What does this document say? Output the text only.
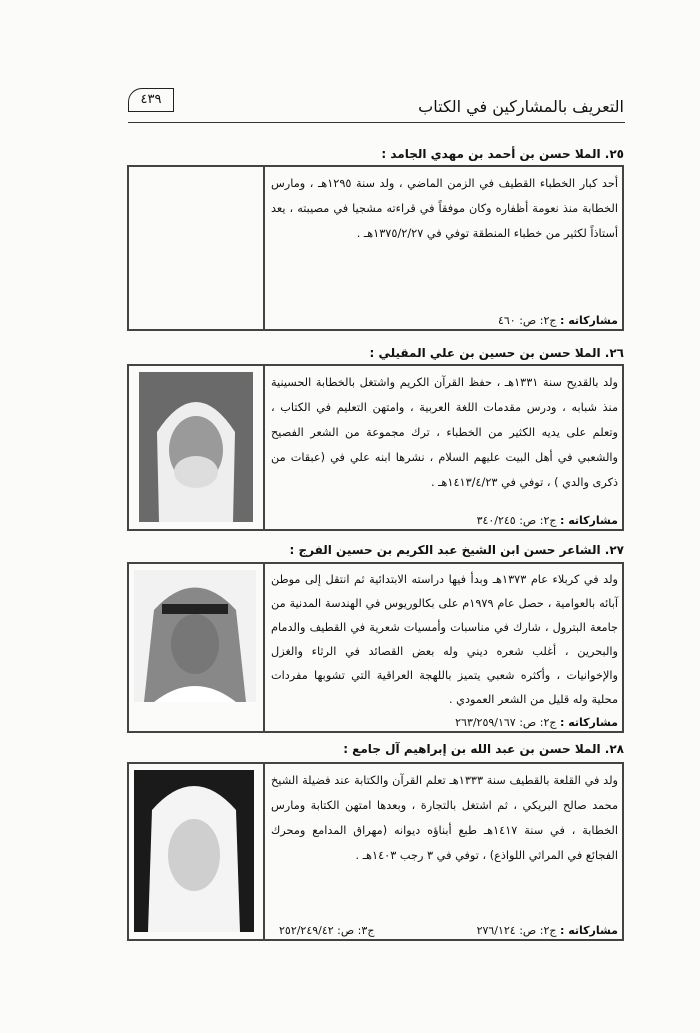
٤٣٩	التعريف بالمشاركين في الكتاب
٢٥. الملا حسن بن أحمد بن مهدي الجامد :
أحد كبار الخطباء القطيف في الزمن الماضي ، ولد سنة ١٢٩٥هـ ، ومارس الخطابة منذ نعومة أظفاره وكان موفقاً في قراءته مشجيا في مصيبته ، يعد أستاذاً لكثير من خطباء المنطقة توفي في ١٣٧٥/٢/٢٧هـ .
مشاركاته : ج٢: ص: ٤٦٠
٢٦. الملا حسن بن حسين بن علي المقيلي :
ولد بالقديح سنة ١٣٣١هـ ، حفظ القرآن الكريم واشتغل بالخطابة الحسينية منذ شبابه ، ودرس مقدمات اللغة العربية ، وامتهن التعليم في الكتاب ، وتعلم على يديه الكثير من الخطباء ، ترك مجموعة من الشعر الفصيح والشعبي في أهل البيت عليهم السلام ، نشرها ابنه علي في (عبقات من ذكرى والدي ) ، توفي في ١٤١٣/٤/٢٣هـ .
مشاركاته : ج٢: ص: ٣٤٠/٢٤٥
٢٧. الشاعر حسن ابن الشيخ عبد الكريم بن حسين الفرج :
ولد في كربلاء عام ١٣٧٣هـ وبدأ فيها دراسته الابتدائية ثم انتقل إلى موطن آبائه بالعوامية ، حصل عام ١٩٧٩م على بكالوريوس في الهندسة المدنية من جامعة البترول ، شارك في مناسبات وأمسيات شعرية في القطيف والدمام والبحرين ، أغلب شعره ديني وله بعض القصائد في الرثاء والغزل والإخوانيات ، وأكثره شعبي يتميز باللهجة العراقية التي تشوبها مفردات محلية وله قليل من الشعر العمودي .
مشاركاته : ج٢: ص: ٢٦٣/٢٥٩/١٦٧
٢٨. الملا حسن بن عبد الله بن إبراهيم آل جامع :
ولد في القلعة بالقطيف سنة ١٣٣٣هـ تعلم القرآن والكتابة عند فضيلة الشيخ محمد صالح البريكي ، ثم اشتغل بالتجارة ، وبعدها امتهن الكتابة ومارس الخطابة ، في سنة ١٤١٧هـ طبع أبناؤه ديوانه (مهراق المدامع ومحرك الفجائع في المراثي اللواذع) ، توفي في ٣ رجب ١٤٠٣هـ .
مشاركاته : ج٢: ص: ٢٧٦/١٢٤
ج٣: ص: ٢٥٢/٢٤٩/٤٢
